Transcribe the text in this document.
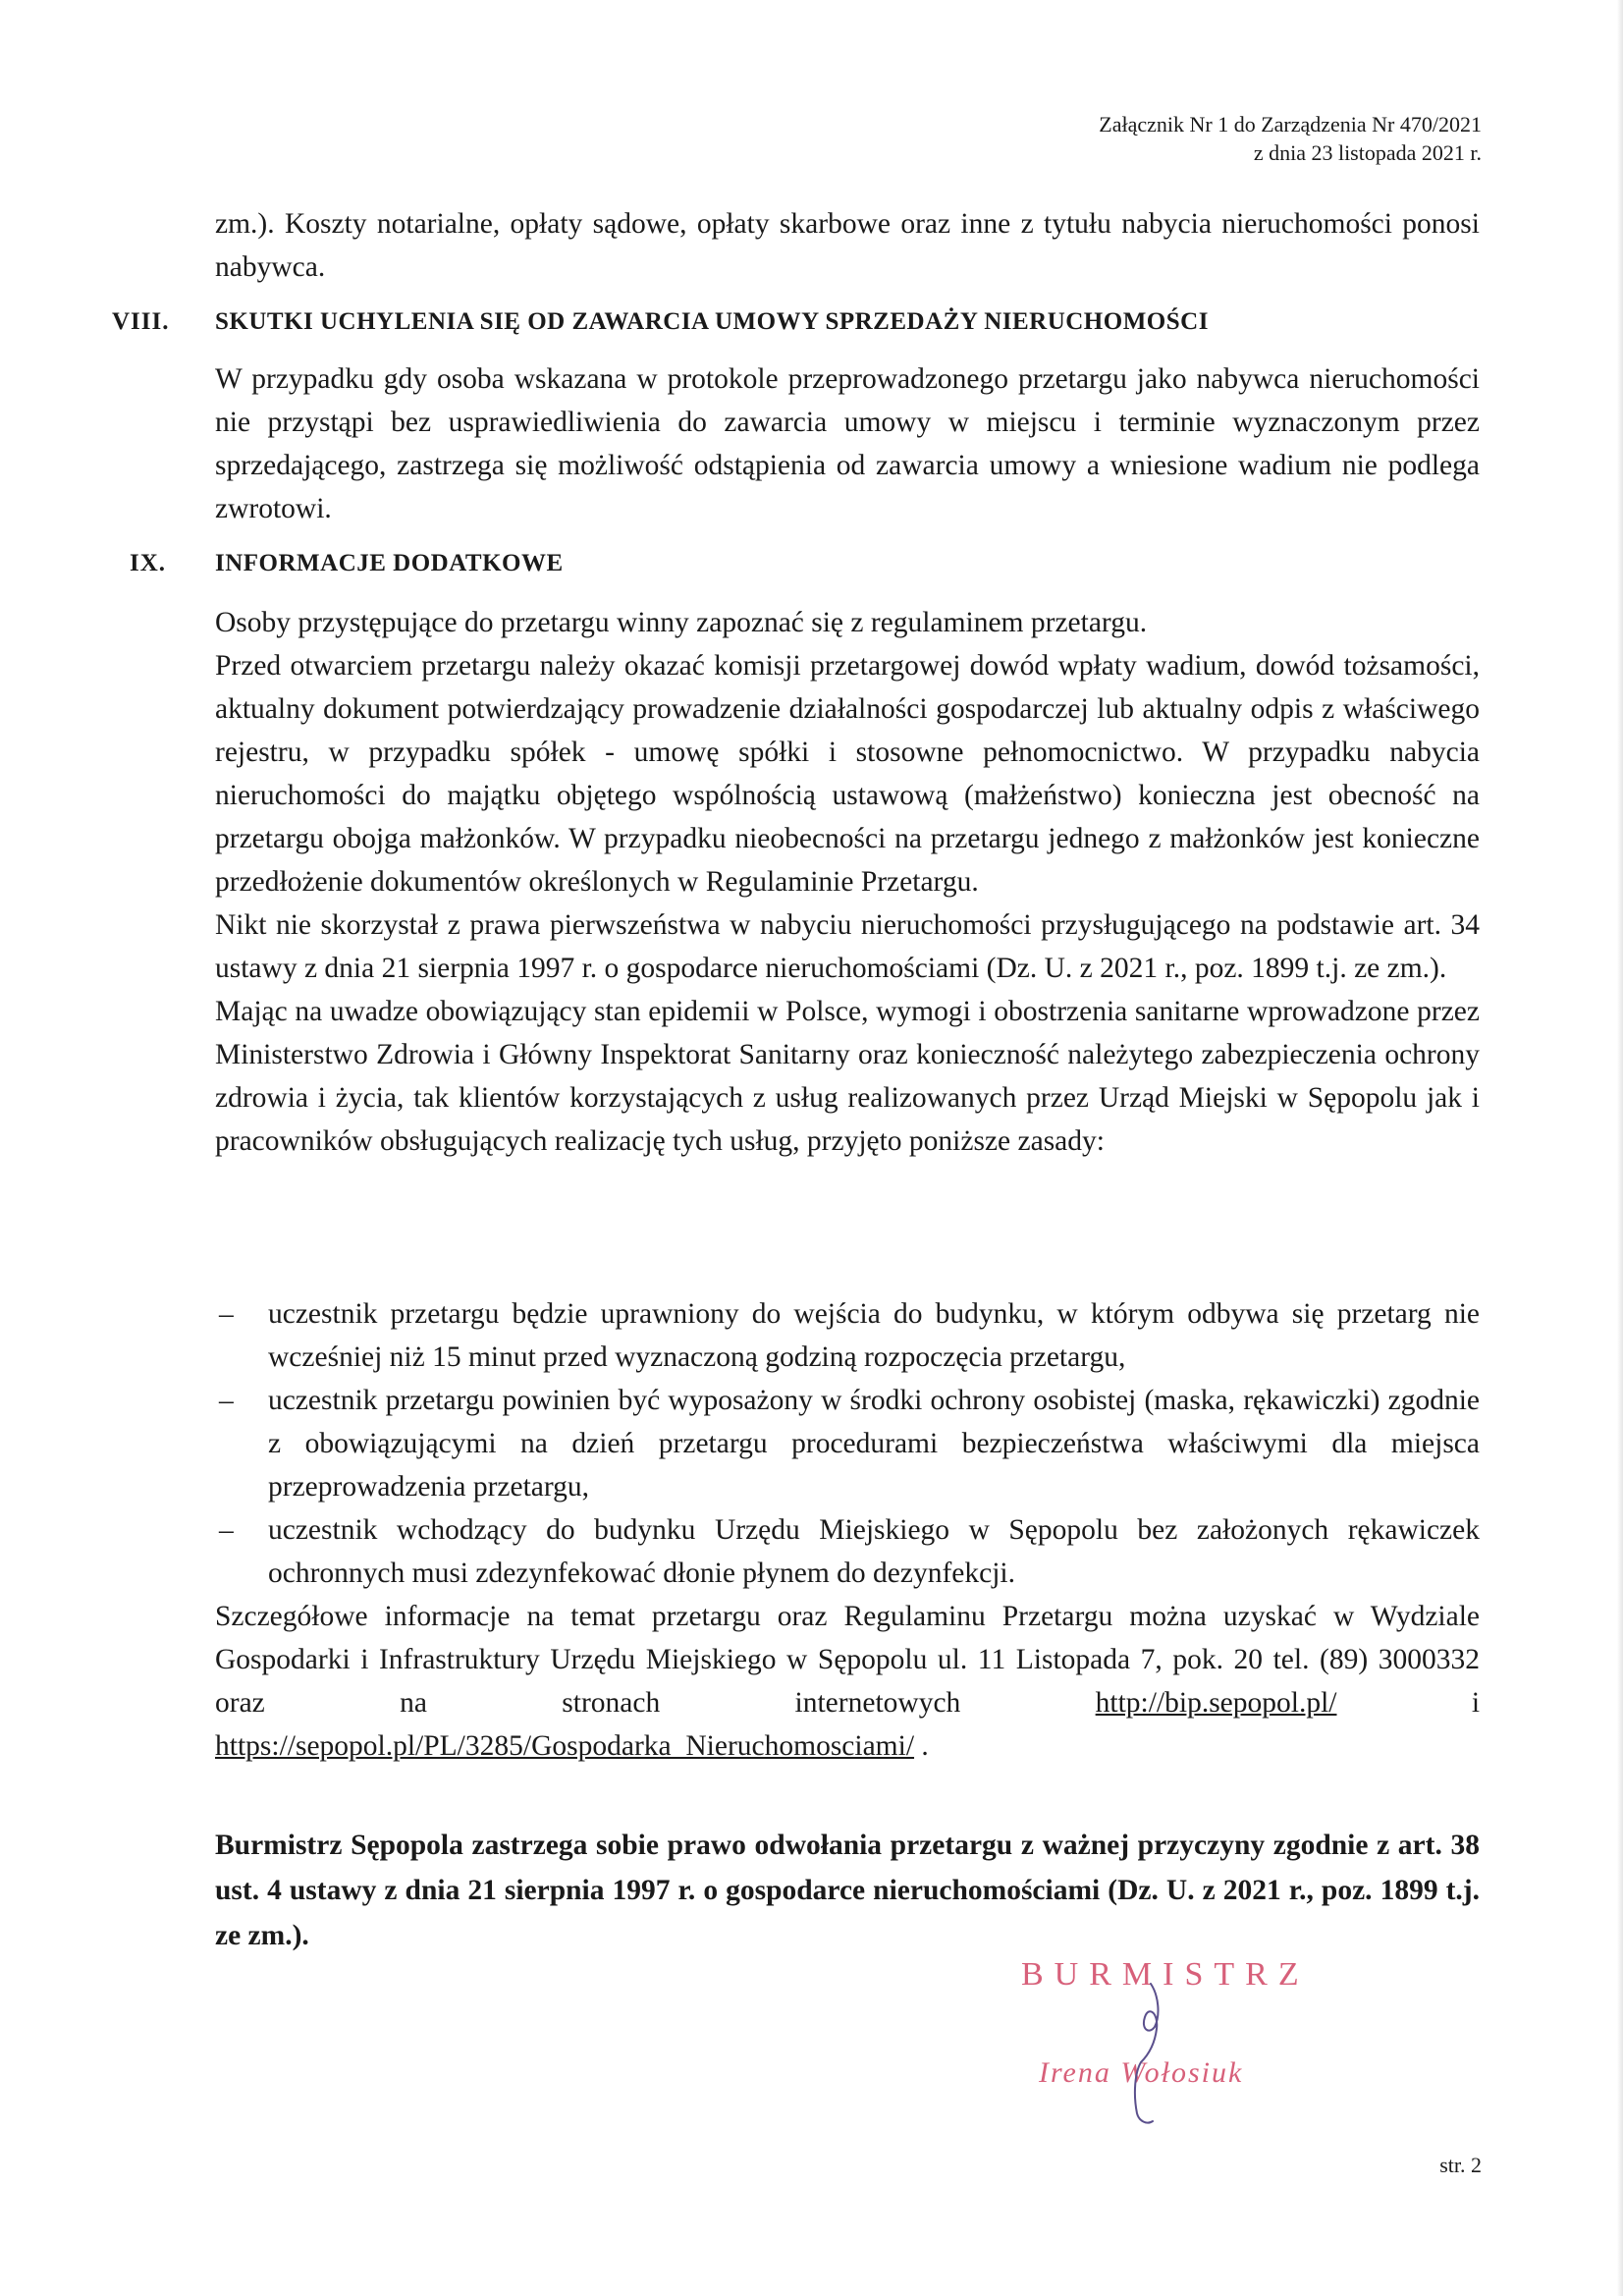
Załącznik Nr 1 do Zarządzenia Nr 470/2021
z dnia 23 listopada 2021 r.
zm.). Koszty notarialne, opłaty sądowe, opłaty skarbowe oraz inne z tytułu nabycia nieruchomości ponosi nabywca.
VIII. SKUTKI UCHYLENIA SIĘ OD ZAWARCIA UMOWY SPRZEDAŻY NIERUCHOMOŚCI
W przypadku gdy osoba wskazana w protokole przeprowadzonego przetargu jako nabywca nieruchomości nie przystąpi bez usprawiedliwienia do zawarcia umowy w miejscu i terminie wyznaczonym przez sprzedającego, zastrzega się możliwość odstąpienia od zawarcia umowy a wniesione wadium nie podlega zwrotowi.
IX. INFORMACJE DODATKOWE
Osoby przystępujące do przetargu winny zapoznać się z regulaminem przetargu.
Przed otwarciem przetargu należy okazać komisji przetargowej dowód wpłaty wadium, dowód tożsamości, aktualny dokument potwierdzający prowadzenie działalności gospodarczej lub aktualny odpis z właściwego rejestru, w przypadku spółek - umowę spółki i stosowne pełnomocnictwo. W przypadku nabycia nieruchomości do majątku objętego wspólnością ustawową (małżeństwo) konieczna jest obecność na przetargu obojga małżonków. W przypadku nieobecności na przetargu jednego z małżonków jest konieczne przedłożenie dokumentów określonych w Regulaminie Przetargu.
Nikt nie skorzystał z prawa pierwszeństwa w nabyciu nieruchomości przysługującego na podstawie art. 34 ustawy z dnia 21 sierpnia 1997 r. o gospodarce nieruchomościami (Dz. U. z 2021 r., poz. 1899 t.j. ze zm.).
Mając na uwadze obowiązujący stan epidemii w Polsce, wymogi i obostrzenia sanitarne wprowadzone przez Ministerstwo Zdrowia i Główny Inspektorat Sanitarny oraz konieczność należytego zabezpieczenia ochrony zdrowia i życia, tak klientów korzystających z usług realizowanych przez Urząd Miejski w Sępopolu jak i pracowników obsługujących realizację tych usług, przyjęto poniższe zasady:
– uczestnik przetargu będzie uprawniony do wejścia do budynku, w którym odbywa się przetarg nie wcześniej niż 15 minut przed wyznaczoną godziną rozpoczęcia przetargu,
– uczestnik przetargu powinien być wyposażony w środki ochrony osobistej (maska, rękawiczki) zgodnie z obowiązującymi na dzień przetargu procedurami bezpieczeństwa właściwymi dla miejsca przeprowadzenia przetargu,
– uczestnik wchodzący do budynku Urzędu Miejskiego w Sępopolu bez założonych rękawiczek ochronnych musi zdezynfekować dłonie płynem do dezynfekcji.
Szczegółowe informacje na temat przetargu oraz Regulaminu Przetargu można uzyskać w Wydziale Gospodarki i Infrastruktury Urzędu Miejskiego w Sępopolu ul. 11 Listopada 7, pok. 20 tel. (89) 3000332 oraz na stronach internetowych	http://bip.sepopol.pl/	i https://sepopol.pl/PL/3285/Gospodarka_Nieruchomosciami/ .
Burmistrz Sępopola zastrzega sobie prawo odwołania przetargu z ważnej przyczyny zgodnie z art. 38 ust. 4 ustawy z dnia 21 sierpnia 1997 r. o gospodarce nieruchomościami (Dz. U. z 2021 r., poz. 1899 t.j. ze zm.).
BURMISTRZ
Irena Wołosiuk
str. 2
